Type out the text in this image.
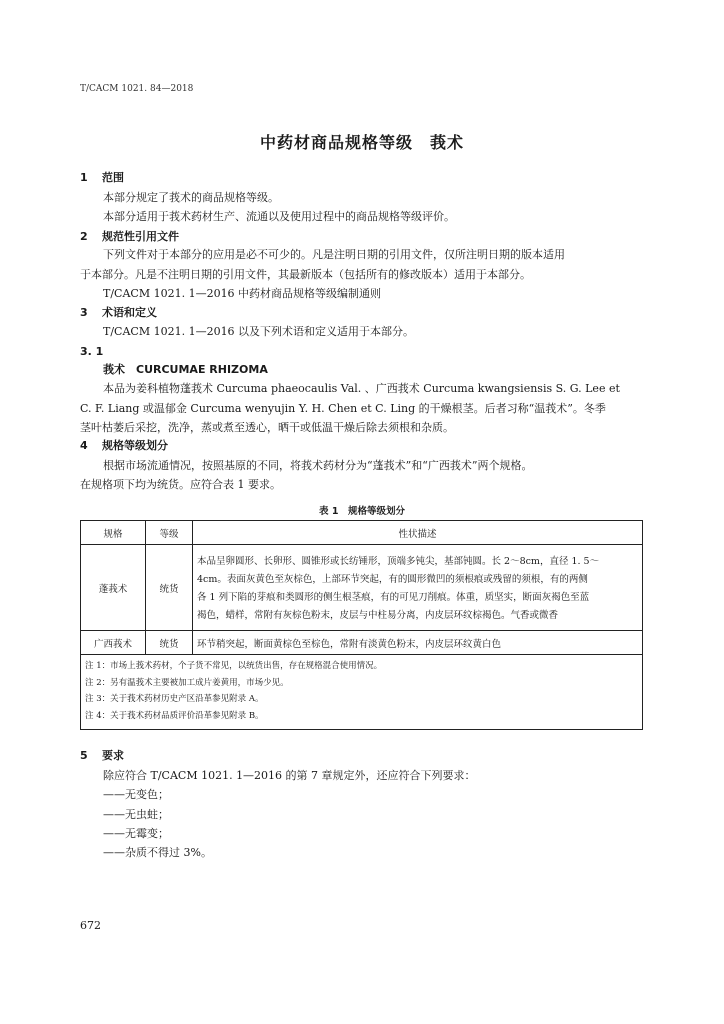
T/CACM 1021. 84—2018
中药材商品规格等级　莪术
1 范围
本部分规定了莪术的商品规格等级。
本部分适用于莪术药材生产、流通以及使用过程中的商品规格等级评价。
2 规范性引用文件
下列文件对于本部分的应用是必不可少的。凡是注明日期的引用文件，仅所注明日期的版本适用
于本部分。凡是不注明日期的引用文件，其最新版本（包括所有的修改版本）适用于本部分。
T/CACM 1021. 1—2016 中药材商品规格等级编制通则
3 术语和定义
T/CACM 1021. 1—2016 以及下列术语和定义适用于本部分。
3. 1
莪术　CURCUMAE RHIZOMA
本品为姜科植物蓬莪术 Curcuma phaeocaulis Val. 、广西莪术 Curcuma kwangsiensis S. G. Lee et
C. F. Liang 或温郁金 Curcuma wenyujin Y. H. Chen et C. Ling 的干燥根茎。后者习称“温莪术”。冬季
茎叶枯萎后采挖，洗净，蒸或煮至透心，晒干或低温干燥后除去须根和杂质。
4 规格等级划分
根据市场流通情况，按照基原的不同，将莪术药材分为“蓬莪术”和“广西莪术”两个规格。
在规格项下均为统货。应符合表 1 要求。
表 1　规格等级划分
规格	等级	性状描述
蓬莪术	统货	本品呈卵圆形、长卵形、圆锥形或长纺锤形，顶端多钝尖，基部钝圆。长 2～8cm，直径 1. 5～
4cm。表面灰黄色至灰棕色，上部环节突起，有的圆形微凹的须根痕或残留的须根，有的两侧
各 1 列下陷的芽痕和类圆形的侧生根茎痕，有的可见刀削痕。体重，质坚实，断面灰褐色至蓝
褐色，蜡样，常附有灰棕色粉末，皮层与中柱易分离，内皮层环纹棕褐色。气香或微香

广西莪术	统货	环节稍突起，断面黄棕色至棕色，常附有淡黄色粉末，内皮层环纹黄白色
注 1：市场上莪术药材，个子货不常见，以统货出售，存在规格混合使用情况。
注 2：另有温莪术主要被加工成片姜黄用，市场少见。
注 3：关于莪术药材历史产区沿革参见附录 A。
注 4：关于莪术药材品质评价沿革参见附录 B。
5 要求
除应符合 T/CACM 1021. 1—2016 的第 7 章规定外，还应符合下列要求：
——无变色；
——无虫蛀；
——无霉变；
——杂质不得过 3%。
672
